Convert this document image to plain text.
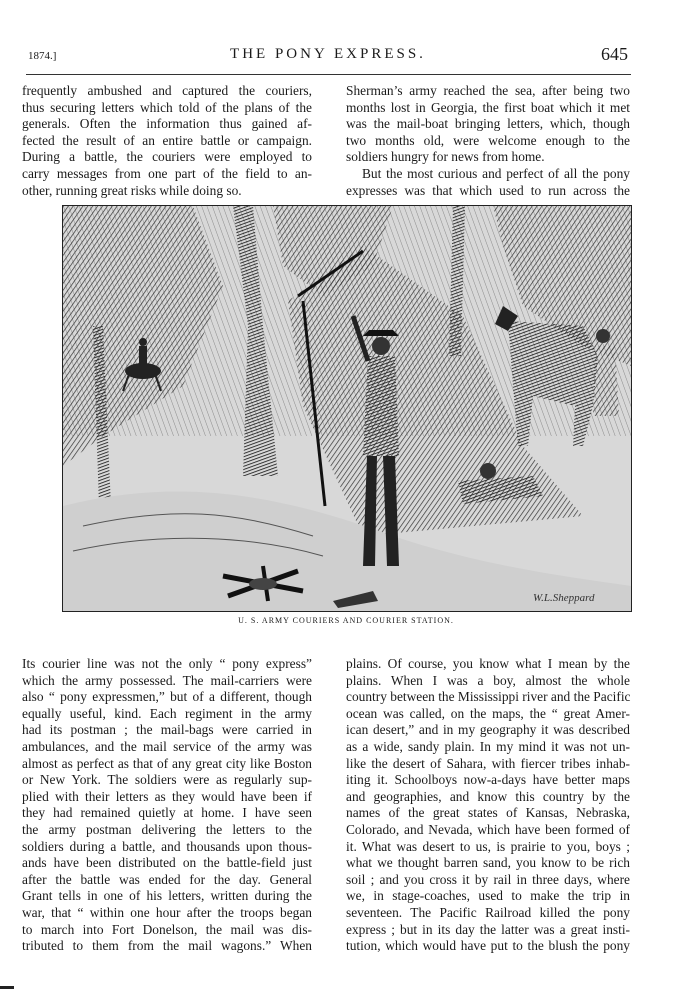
1874.]	THE PONY EXPRESS.	645

frequently ambushed and captured the couriers,
thus securing letters which told of the plans of the
generals. Often the information thus gained af-
fected the result of an entire battle or campaign.
During a battle, the couriers were employed to
carry messages from one part of the field to an-
other, running great risks while doing so.

Sherman’s army reached the sea, after being two
months lost in Georgia, the first boat which it met
was the mail-boat bringing letters, which, though
two months old, were welcome enough to the
soldiers hungry for news from home.

But the most curious and perfect of all the pony
expresses was that which used to run across the

W.L.Sheppard
U. S. ARMY COURIERS AND COURIER STATION.

Its courier line was not the only “ pony express”
which the army possessed. The mail-carriers were
also “ pony expressmen,” but of a different, though
equally useful, kind. Each regiment in the army
had its postman ; the mail-bags were carried in
ambulances, and the mail service of the army was
almost as perfect as that of any great city like Boston
or New York. The soldiers were as regularly sup-
plied with their letters as they would have been if
they had remained quietly at home. I have seen
the army postman delivering the letters to the
soldiers during a battle, and thousands upon thous-
ands have been distributed on the battle-field just
after the battle was ended for the day. General
Grant tells in one of his letters, written during the
war, that “ within one hour after the troops began
to march into Fort Donelson, the mail was dis-
tributed to them from the mail wagons.” When

plains. Of course, you know what I mean by the
plains. When I was a boy, almost the whole
country between the Mississippi river and the Pacific
ocean was called, on the maps, the “ great Amer-
ican desert,” and in my geography it was described
as a wide, sandy plain. In my mind it was not un-
like the desert of Sahara, with fiercer tribes inhab-
iting it. Schoolboys now-a-days have better maps
and geographies, and know this country by the
names of the great states of Kansas, Nebraska,
Colorado, and Nevada, which have been formed of
it. What was desert to us, is prairie to you, boys ;
what we thought barren sand, you know to be rich
soil ; and you cross it by rail in three days, where
we, in stage-coaches, used to make the trip in
seventeen. The Pacific Railroad killed the pony
express ; but in its day the latter was a great insti-
tution, which would have put to the blush the pony
